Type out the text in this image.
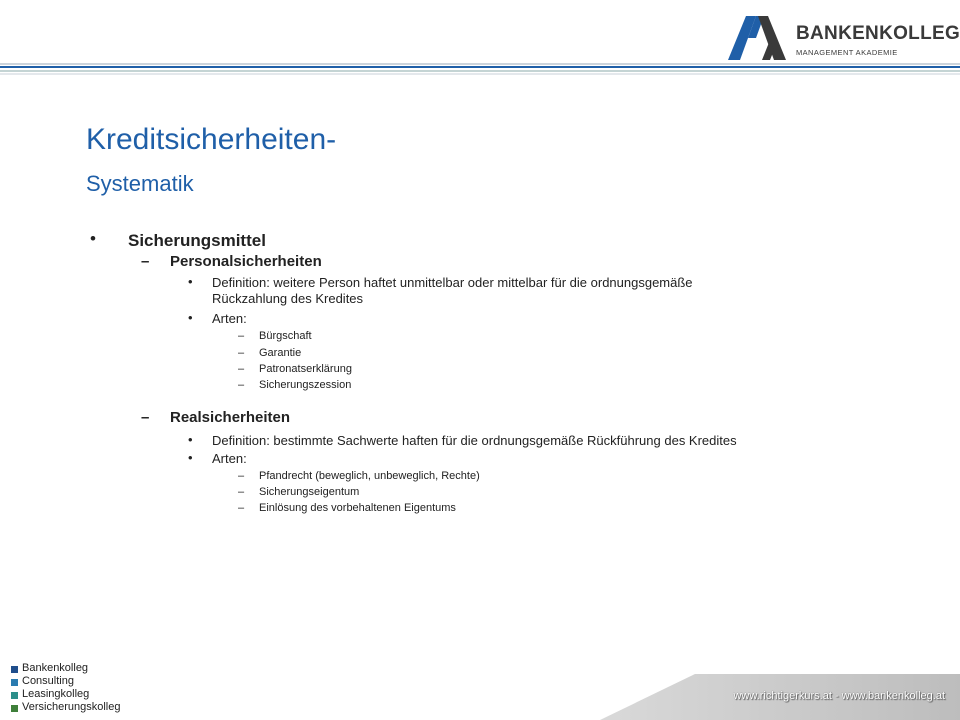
BANKENKOLLEG
MANAGEMENT AKADEMIE
Kreditsicherheiten-
Systematik
• Sicherungsmittel
– Personalsicherheiten
• Definition: weitere Person haftet unmittelbar oder mittelbar für die ordnungsgemäße
Rückzahlung des Kredites
• Arten:
– Bürgschaft
– Garantie
– Patronatserklärung
– Sicherungszession
– Realsicherheiten
• Definition: bestimmte Sachwerte haften für die ordnungsgemäße Rückführung des Kredites
• Arten:
– Pfandrecht (beweglich, unbeweglich, Rechte)
– Sicherungseigentum
– Einlösung des vorbehaltenen Eigentums
Bankenkolleg
Consulting
Leasingkolleg
Versicherungskolleg
www.richtigerkurs.at - www.bankenkolleg.at
